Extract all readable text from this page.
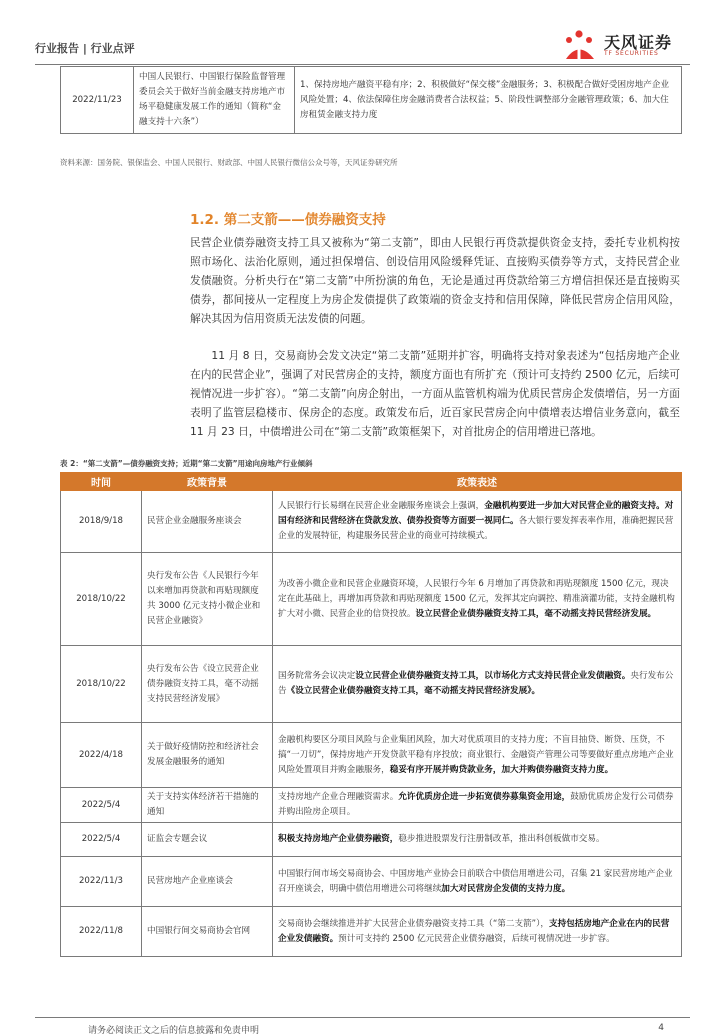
行业报告 | 行业点评	天风证券
TF SECURITIES
2022/11/23	中国人民银行、中国银行保险监督管理委员会关于做好当前金融支持房地产市场平稳健康发展工作的通知（简称“金融支持十六条”）	1、保持房地产融资平稳有序；2、积极做好“保交楼”金融服务；3、积极配合做好受困房地产企业风险处置；4、依法保障住房金融消费者合法权益；5、阶段性调整部分金融管理政策；6、加大住房租赁金融支持力度
资料来源：国务院、银保监会、中国人民银行、财政部、中国人民银行微信公众号等，天风证券研究所
1.2. 第二支箭——债券融资支持

民营企业债券融资支持工具又被称为“第二支箭”，即由人民银行再贷款提供资金支持，委托专业机构按照市场化、法治化原则，通过担保增信、创设信用风险缓释凭证、直接购买债券等方式，支持民营企业发债融资。分析央行在“第二支箭”中所扮演的角色，无论是通过再贷款给第三方增信担保还是直接购买债券，都间接从一定程度上为房企发债提供了政策端的资金支持和信用保障，降低民营房企信用风险，解决其因为信用资质无法发债的问题。

11 月 8 日，交易商协会发文决定“第二支箭”延期并扩容，明确将支持对象表述为“包括房地产企业在内的民营企业”，强调了对民营房企的支持，额度方面也有所扩充（预计可支持约 2500 亿元，后续可视情况进一步扩容）。“第二支箭”向房企射出，一方面从监管机构端为优质民营房企发债增信，另一方面表明了监管层稳楼市、保房企的态度。政策发布后，近百家民营房企向中债增表达增信业务意向，截至 11 月 23 日，中债增进公司在“第二支箭”政策框架下，对首批房企的信用增进已落地。

表 2：“第二支箭”—债券融资支持；近期“第二支箭”用途向房地产行业倾斜
时间	政策背景	政策表述
2018/9/18	民营企业金融服务座谈会	人民银行行长易纲在民营企业金融服务座谈会上强调，金融机构要进一步加大对民营企业的融资支持。对国有经济和民营经济在贷款发放、债券投资等方面要一视同仁。各大银行要发挥表率作用，准确把握民营企业的发展特征，构建服务民营企业的商业可持续模式。
2018/10/22	央行发布公告《人民银行今年以来增加再贷款和再贴现额度共 3000 亿元支持小微企业和民营企业融资》	为改善小微企业和民营企业融资环境，人民银行今年 6 月增加了再贷款和再贴现额度 1500 亿元，现决定在此基础上，再增加再贷款和再贴现额度 1500 亿元，发挥其定向调控、精准滴灌功能，支持金融机构扩大对小微、民营企业的信贷投放。设立民营企业债券融资支持工具，毫不动摇支持民营经济发展。
2018/10/22	央行发布公告《设立民营企业债券融资支持工具，毫不动摇支持民营经济发展》	国务院常务会议决定设立民营企业债券融资支持工具，以市场化方式支持民营企业发债融资。央行发布公告《设立民营企业债券融资支持工具，毫不动摇支持民营经济发展》。
2022/4/18	关于做好疫情防控和经济社会发展金融服务的通知	金融机构要区分项目风险与企业集团风险，加大对优质项目的支持力度；不盲目抽贷、断贷、压贷，不搞“一刀切”，保持房地产开发贷款平稳有序投放；商业银行、金融资产管理公司等要做好重点房地产企业风险处置项目并购金融服务，稳妥有序开展并购贷款业务，加大并购债券融资支持力度。
2022/5/4	关于支持实体经济若干措施的通知	支持房地产企业合理融资需求。允许优质房企进一步拓宽债券募集资金用途，鼓励优质房企发行公司债券并购出险房企项目。
2022/5/4	证监会专题会议	积极支持房地产企业债券融资，稳步推进股票发行注册制改革，推出科创板做市交易。
2022/11/3	民营房地产企业座谈会	中国银行间市场交易商协会、中国房地产业协会日前联合中债信用增进公司，召集 21 家民营房地产企业召开座谈会，明确中债信用增进公司将继续加大对民营房企发债的支持力度。
2022/11/8	中国银行间交易商协会官网	交易商协会继续推进并扩大民营企业债券融资支持工具（“第二支箭”），支持包括房地产企业在内的民营企业发债融资。预计可支持约 2500 亿元民营企业债券融资，后续可视情况进一步扩容。
请务必阅读正文之后的信息披露和免责申明	4
